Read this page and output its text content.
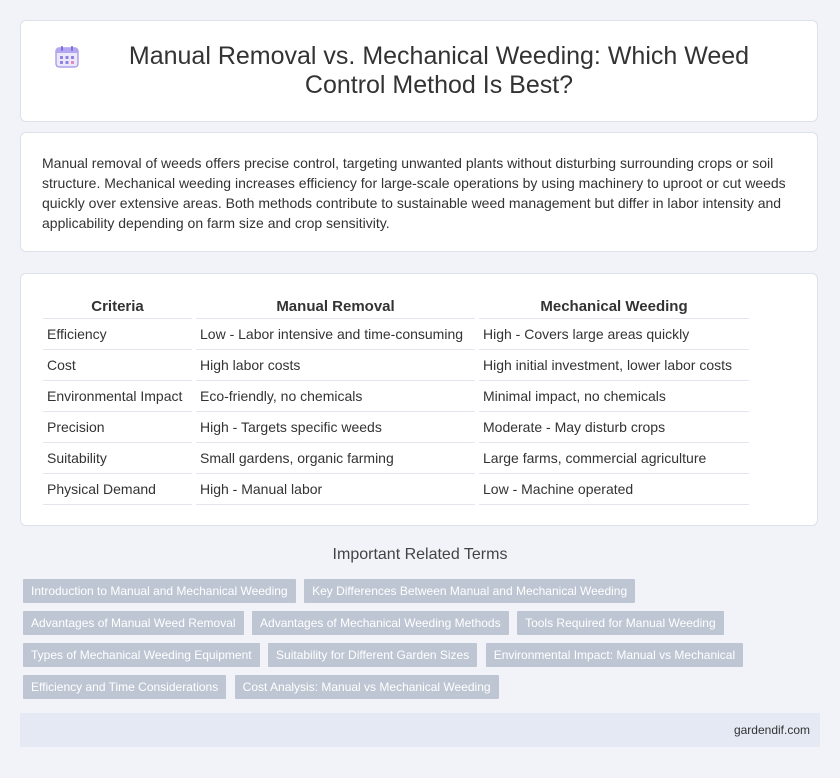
Manual Removal vs. Mechanical Weeding: Which Weed Control Method Is Best?

Manual removal of weeds offers precise control, targeting unwanted plants without disturbing surrounding crops or soil structure. Mechanical weeding increases efficiency for large-scale operations by using machinery to uproot or cut weeds quickly over extensive areas. Both methods contribute to sustainable weed management but differ in labor intensity and applicability depending on farm size and crop sensitivity.

Criteria	Manual Removal	Mechanical Weeding
Efficiency	Low - Labor intensive and time-consuming	High - Covers large areas quickly
Cost	High labor costs	High initial investment, lower labor costs
Environmental Impact	Eco-friendly, no chemicals	Minimal impact, no chemicals
Precision	High - Targets specific weeds	Moderate - May disturb crops
Suitability	Small gardens, organic farming	Large farms, commercial agriculture
Physical Demand	High - Manual labor	Low - Machine operated
Important Related Terms
Introduction to Manual and Mechanical Weeding Key Differences Between Manual and Mechanical Weeding
Advantages of Manual Weed Removal Advantages of Mechanical Weeding Methods Tools Required for Manual Weeding
Types of Mechanical Weeding Equipment Suitability for Different Garden Sizes Environmental Impact: Manual vs Mechanical
Efficiency and Time Considerations Cost Analysis: Manual vs Mechanical Weeding
gardendif.com
